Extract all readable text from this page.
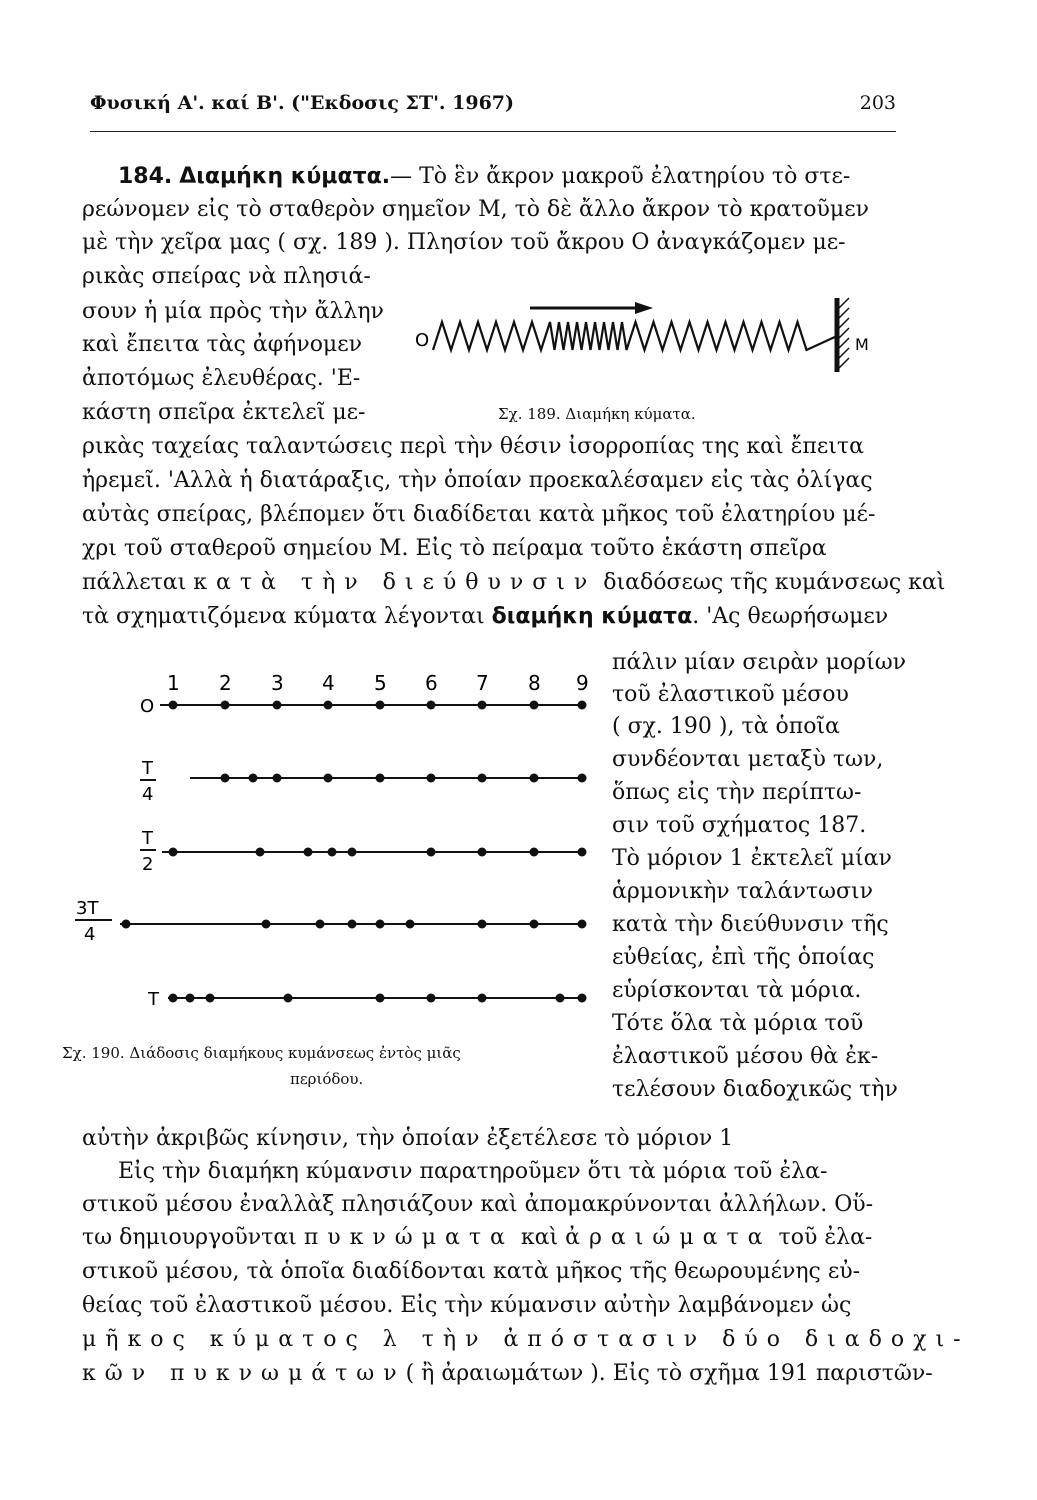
Φυσική Α'. καί Β'. ("Εκδοσις ΣΤ'. 1967)	203
184. Διαμήκη κύματα.— Τὸ ἓν ἄκρον μακροῦ ἐλατηρίου τὸ στε-
ρεώνομεν εἰς τὸ σταθερὸν σημεῖον Μ, τὸ δὲ ἄλλο ἄκρον τὸ κρατοῦμεν
μὲ τὴν χεῖρα μας ( σχ. 189 ). Πλησίον τοῦ ἄκρου Ο ἀναγκάζομεν με-
ρικὰς σπείρας νὰ πλησιά-
σουν ἡ μία πρὸς τὴν ἄλλην
καὶ ἔπειτα τὰς ἀφήνομεν
ἀποτόμως ἐλευθέρας. 'Ε-
κάστη σπεῖρα ἐκτελεῖ με-
O	M
Σχ. 189. Διαμήκη κύματα.
ρικὰς ταχείας ταλαντώσεις περὶ τὴν θέσιν ἰσορροπίας της καὶ ἔπειτα
ἠρεμεῖ. 'Αλλὰ ἡ διατάραξις, τὴν ὁποίαν προεκαλέσαμεν εἰς τὰς ὀλίγας
αὐτὰς σπείρας, βλέπομεν ὅτι διαδίδεται κατὰ μῆκος τοῦ ἐλατηρίου μέ-
χρι τοῦ σταθεροῦ σημείου Μ. Εἰς τὸ πείραμα τοῦτο ἑκάστη σπεῖρα
πάλλεται κατὰ τὴν διεύθυνσιν διαδόσεως τῆς κυμάνσεως καὶ
τὰ σχηματιζόμενα κύματα λέγονται διαμήκη κύματα. 'Ας θεωρήσωμεν
πάλιν μίαν σειρὰν μορίων
τοῦ ἐλαστικοῦ μέσου
( σχ. 190 ), τὰ ὁποῖα
συνδέονται μεταξὺ των,
ὅπως εἰς τὴν περίπτω-
σιν τοῦ σχήματος 187.
Τὸ μόριον 1 ἐκτελεῖ μίαν
ἁρμονικὴν ταλάντωσιν
κατὰ τὴν διεύθυνσιν τῆς
εὐθείας, ἐπὶ τῆς ὁποίας
εὑρίσκονται τὰ μόρια.
Τότε ὅλα τὰ μόρια τοῦ
ἐλαστικοῦ μέσου θὰ ἐκ-
τελέσουν διαδοχικῶς τὴν
1 2 3 4 5 6 7 8 9
O
T
4
T
2
3T
4
T
Σχ. 190. Διάδοσις διαμήκους κυμάνσεως ἐντὸς μιᾶς
περιόδου.
αὐτὴν ἀκριβῶς κίνησιν, τὴν ὁποίαν ἐξετέλεσε τὸ μόριον 1
Εἰς τὴν διαμήκη κύμανσιν παρατηροῦμεν ὅτι τὰ μόρια τοῦ ἐλα-
στικοῦ μέσου ἐναλλὰξ πλησιάζουν καὶ ἀπομακρύνονται ἀλλήλων. Οὕ-
τω δημιουργοῦνται πυκνώματα καὶ ἀραιώματα τοῦ ἐλα-
στικοῦ μέσου, τὰ ὁποῖα διαδίδονται κατὰ μῆκος τῆς θεωρουμένης εὐ-
θείας τοῦ ἐλαστικοῦ μέσου. Εἰς τὴν κύμανσιν αὐτὴν λαμβάνομεν ὡς
μῆκος κύματος λ τὴν ἀπόστασιν δύο διαδοχι-
κῶν πυκνωμάτων( ἢ ἀραιωμάτων ). Εἰς τὸ σχῆμα 191 παριστῶν-
